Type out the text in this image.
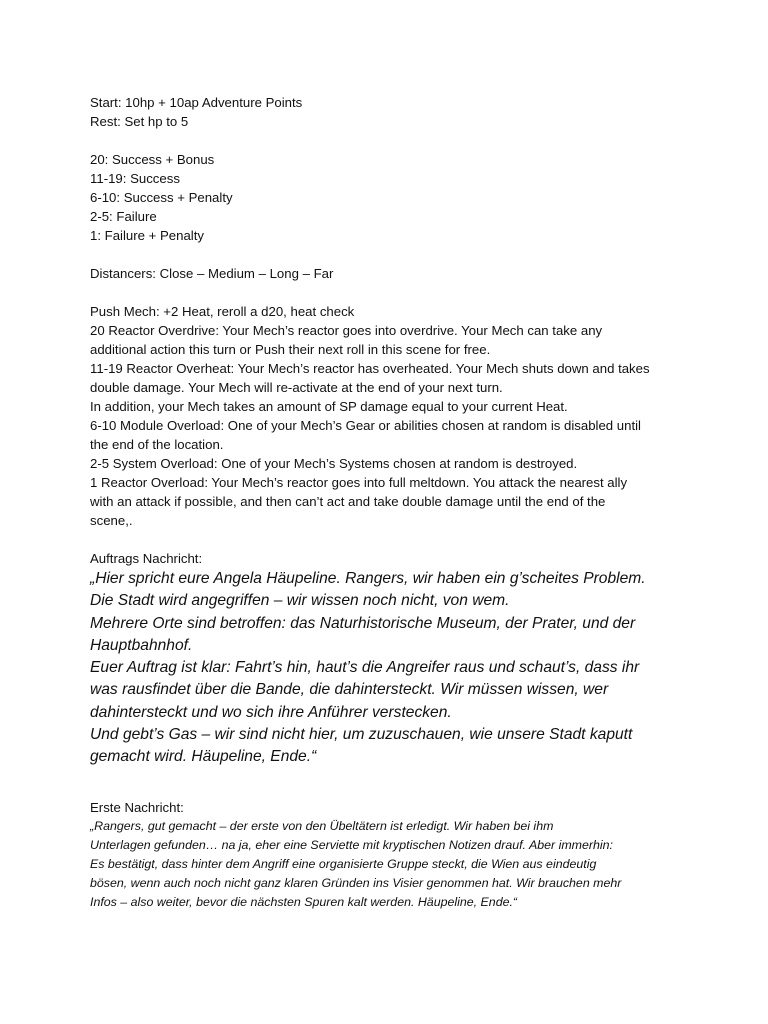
Start: 10hp + 10ap Adventure Points
Rest: Set hp to 5
20: Success + Bonus
11-19: Success
6-10: Success + Penalty
2-5: Failure
1: Failure + Penalty
Distancers: Close – Medium – Long – Far
Push Mech: +2 Heat, reroll a d20, heat check
20 Reactor Overdrive: Your Mech’s reactor goes into overdrive. Your Mech can take any
additional action this turn or Push their next roll in this scene for free.
11-19 Reactor Overheat: Your Mech’s reactor has overheated. Your Mech shuts down and takes
double damage. Your Mech will re-activate at the end of your next turn.
In addition, your Mech takes an amount of SP damage equal to your current Heat.
6-10 Module Overload: One of your Mech’s Gear or abilities chosen at random is disabled until
the end of the location.
2-5 System Overload: One of your Mech’s Systems chosen at random is destroyed.
1 Reactor Overload: Your Mech’s reactor goes into full meltdown. You attack the nearest ally
with an attack if possible, and then can’t act and take double damage until the end of the
scene,.
Auftrags Nachricht:
„Hier spricht eure Angela Häupeline. Rangers, wir haben ein g’scheites Problem.
Die Stadt wird angegriffen – wir wissen noch nicht, von wem.
Mehrere Orte sind betroffen: das Naturhistorische Museum, der Prater, und der
Hauptbahnhof.
Euer Auftrag ist klar: Fahrt’s hin, haut’s die Angreifer raus und schaut’s, dass ihr
was rausfindet über die Bande, die dahintersteckt. Wir müssen wissen, wer
dahintersteckt und wo sich ihre Anführer verstecken.
Und gebt’s Gas – wir sind nicht hier, um zuzuschauen, wie unsere Stadt kaputt
gemacht wird. Häupeline, Ende.“
Erste Nachricht:
„Rangers, gut gemacht – der erste von den Übeltätern ist erledigt. Wir haben bei ihm
Unterlagen gefunden… na ja, eher eine Serviette mit kryptischen Notizen drauf. Aber immerhin:
Es bestätigt, dass hinter dem Angriff eine organisierte Gruppe steckt, die Wien aus eindeutig
bösen, wenn auch noch nicht ganz klaren Gründen ins Visier genommen hat. Wir brauchen mehr
Infos – also weiter, bevor die nächsten Spuren kalt werden. Häupeline, Ende.“
